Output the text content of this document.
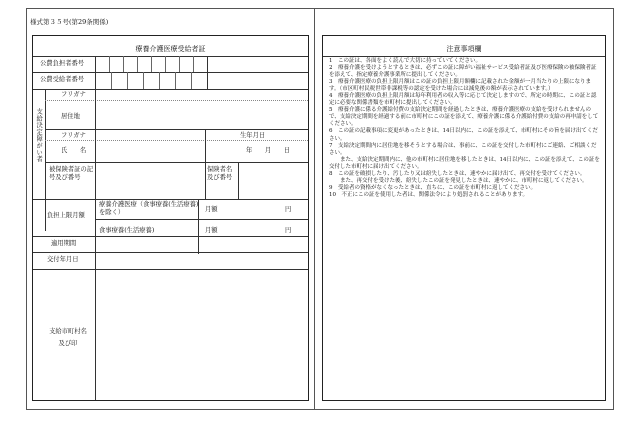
様式第３５号(第29条関係)
療養介護医療受給者証
公費負担者番号
公費受給者番号
支給決定障がい者
フリガナ
居住地
フリガナ	生年月日
氏　　名	年　　月　　日
被保険者証の記号及び番号
保険者名及び番号
負担上限月額
療養介護医療（食事療養(生活療養)を除く）	月額	円
食事療養(生活療養)	月額	円
適用期間
交付年月日
支給市町村名及び印
注意事項欄
1　この証は、各面をよく読んで大切に持っていてください。
2　療養介護を受けようとするときは、必ずこの証に障がい福祉サービス受給者証及び医療保険の被保険者証を添えて、指定療養介護事業所に提出してください。
3　療養介護医療の負担上限月額はこの証の負担上限月額欄に記載された金額が一月当たりの上限になります。（市区町村民税世帯非課税等の認定を受けた場合には減免後の額が表示されています。）
4　療養介護医療の負担上限月額は毎年利用者の収入等に応じて決定しますので、所定の時期に、この証と認定に必要な関係書類を市町村に提出してください。
5　療養介護に係る介護給付費の支給決定期間を経過したときは、療養介護医療の支給を受けられませんので、支給決定期間を経過する前に市町村にこの証を添えて、療養介護に係る介護給付費の支給の再申請をしてください。
6　この証の記載事項に変更があったときは、14日以内に、この証を添えて、市町村にその旨を届け出てください。
7　支給決定期間内に居住地を移そうとする場合は、事前に、この証を交付した市町村にご連絡、ご相談ください。
　　また、支給決定期間内に、他の市町村に居住地を移したときは、14日以内に、この証を添えて、この証を交付した市町村に届け出てください。
8　この証を破損したり、汚したり又は紛失したときは、速やかに届け出て、再交付を受けてください。
　　また、再交付を受けた後、紛失したこの証を発見したときは、速やかに、市町村に返してください。
9　受給者の資格がなくなったときは、直ちに、この証を市町村に返してください。
10　不正にこの証を使用した者は、関係法令により処罰されることがあります。
